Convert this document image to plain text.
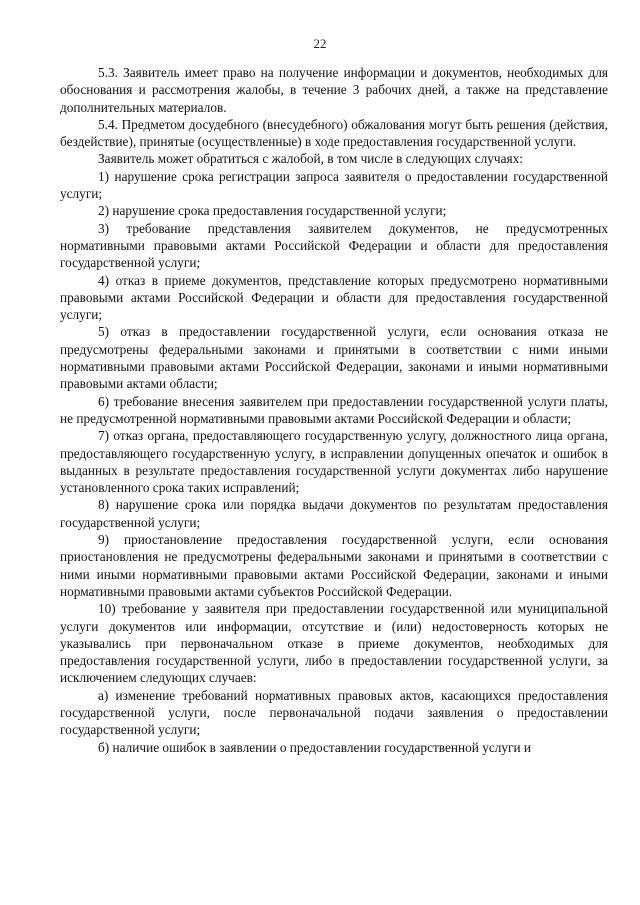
22

5.3. Заявитель имеет право на получение информации и документов, необходимых для обоснования и рассмотрения жалобы, в течение 3 рабочих дней, а также на представление дополнительных материалов.

5.4. Предметом досудебного (внесудебного) обжалования могут быть решения (действия, бездействие), принятые (осуществленные) в ходе предоставления государственной услуги.

Заявитель может обратиться с жалобой, в том числе в следующих случаях:

1) нарушение срока регистрации запроса заявителя о предоставлении государственной услуги;

2) нарушение срока предоставления государственной услуги;

3) требование представления заявителем документов, не предусмотренных нормативными правовыми актами Российской Федерации и области для предоставления государственной услуги;

4) отказ в приеме документов, представление которых предусмотрено нормативными правовыми актами Российской Федерации и области для предоставления государственной услуги;

5) отказ в предоставлении государственной услуги, если основания отказа не предусмотрены федеральными законами и принятыми в соответствии с ними иными нормативными правовыми актами Российской Федерации, законами и иными нормативными правовыми актами области;

6) требование внесения заявителем при предоставлении государственной услуги платы, не предусмотренной нормативными правовыми актами Российской Федерации и области;

7) отказ органа, предоставляющего государственную услугу, должностного лица органа, предоставляющего государственную услугу, в исправлении допущенных опечаток и ошибок в выданных в результате предоставления государственной услуги документах либо нарушение установленного срока таких исправлений;

8) нарушение срока или порядка выдачи документов по результатам предоставления государственной услуги;

9) приостановление предоставления государственной услуги, если основания приостановления не предусмотрены федеральными законами и принятыми в соответствии с ними иными нормативными правовыми актами Российской Федерации, законами и иными нормативными правовыми актами субъектов Российской Федерации.

10) требование у заявителя при предоставлении государственной или муниципальной услуги документов или информации, отсутствие и (или) недостоверность которых не указывались при первоначальном отказе в приеме документов, необходимых для предоставления государственной услуги, либо в предоставлении государственной услуги, за исключением следующих случаев:

а) изменение требований нормативных правовых актов, касающихся предоставления государственной услуги, после первоначальной подачи заявления о предоставлении государственной услуги;

б) наличие ошибок в заявлении о предоставлении государственной услуги и
